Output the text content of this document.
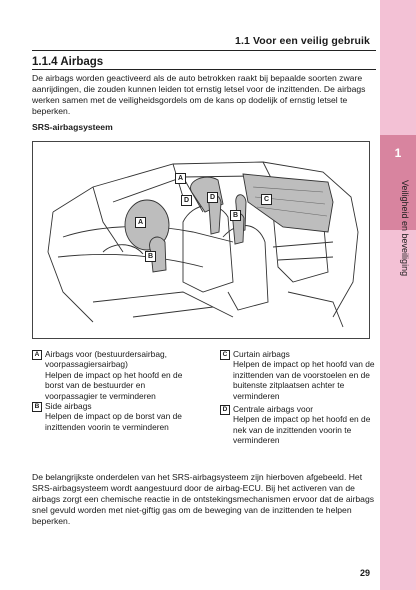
1
Veiligheid en beveiliging
1.1 Voor een veilig gebruik
1.1.4 Airbags
De airbags worden geactiveerd als de auto betrokken raakt bij bepaalde soorten zware aanrijdingen, die zouden kunnen leiden tot ernstig letsel voor de inzittenden. De airbags werken samen met de veiligheidsgordels om de kans op dodelijk of ernstig letsel te beperken.
SRS-airbagsysteem
A
D	D
A
B
C
B
A Airbags voor (bestuurdersairbag,
voorpassagiersairbag)
Helpen de impact op het hoofd en de
borst van de bestuurder en
voorpassagier te verminderen
B Side airbags
Helpen de impact op de borst van de
inzittenden voorin te verminderen
C Curtain airbags
Helpen de impact op het hoofd van de
inzittenden van de voorstoelen en de
buitenste zitplaatsen achter te
verminderen
D Centrale airbags voor
Helpen de impact op het hoofd en de
nek van de inzittenden voorin te
verminderen
De belangrijkste onderdelen van het SRS-airbagsysteem zijn hierboven afgebeeld. Het SRS-airbagsysteem wordt aangestuurd door de airbag-ECU. Bij het activeren van de airbags zorgt een chemische reactie in de ontstekingsmechanismen ervoor dat de airbags snel gevuld worden met niet-giftig gas om de beweging van de inzittenden te helpen beperken.
29
